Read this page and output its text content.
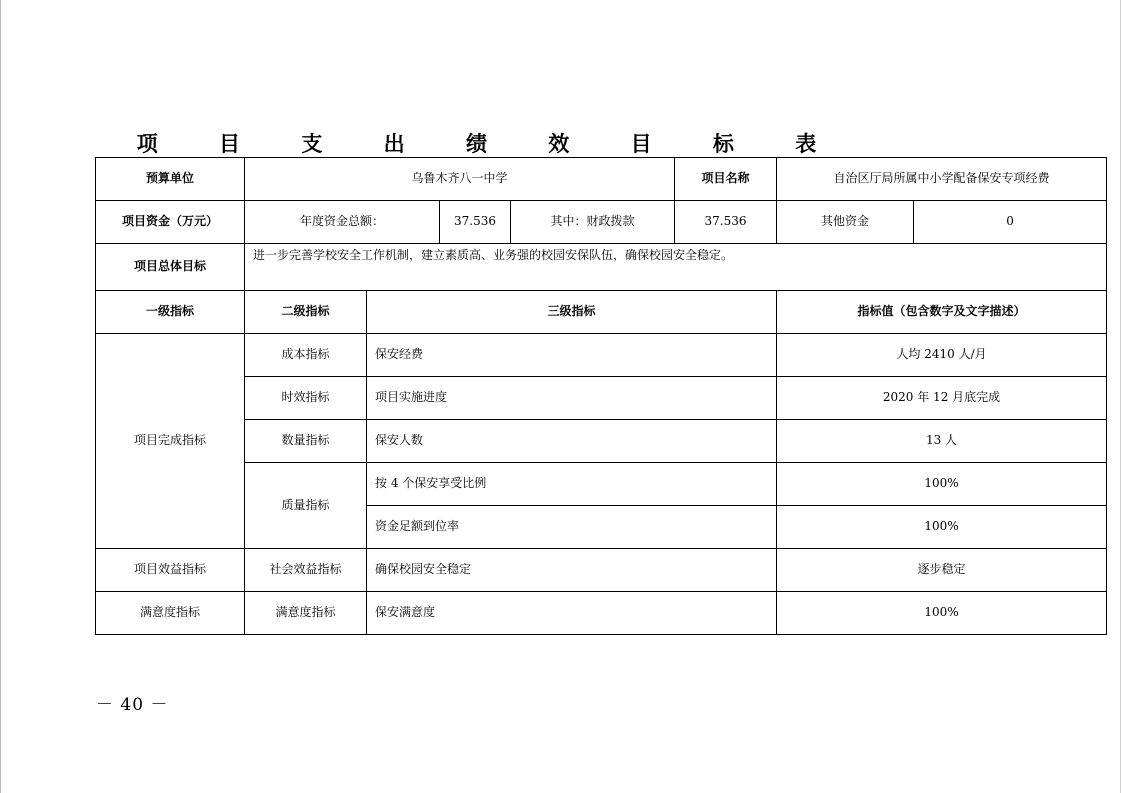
项 目 支 出 绩 效 目 标 表
预算单位	乌鲁木齐八一中学				项目名称	自治区厅局所属中小学配备保安专项经费	
项目资金（万元）	年度资金总额：		37.536	其中：财政拨款	37.536	其他资金	0
项目总体目标	进一步完善学校安全工作机制，建立素质高、业务强的校园安保队伍，确保校园安全稳定。						
一级指标	二级指标	三级指标				指标值（包含数字及文字描述）	
项目完成指标	成本指标	保安经费				人均 2410 人/月	
	时效指标	项目实施进度				2020 年 12 月底完成	
	数量指标	保安人数				13 人	
	质量指标	按 4 个保安享受比例				100%	
		资金足额到位率				100%	
项目效益指标	社会效益指标	确保校园安全稳定				逐步稳定	
满意度指标	满意度指标	保安满意度				100%	
－ 40 －
